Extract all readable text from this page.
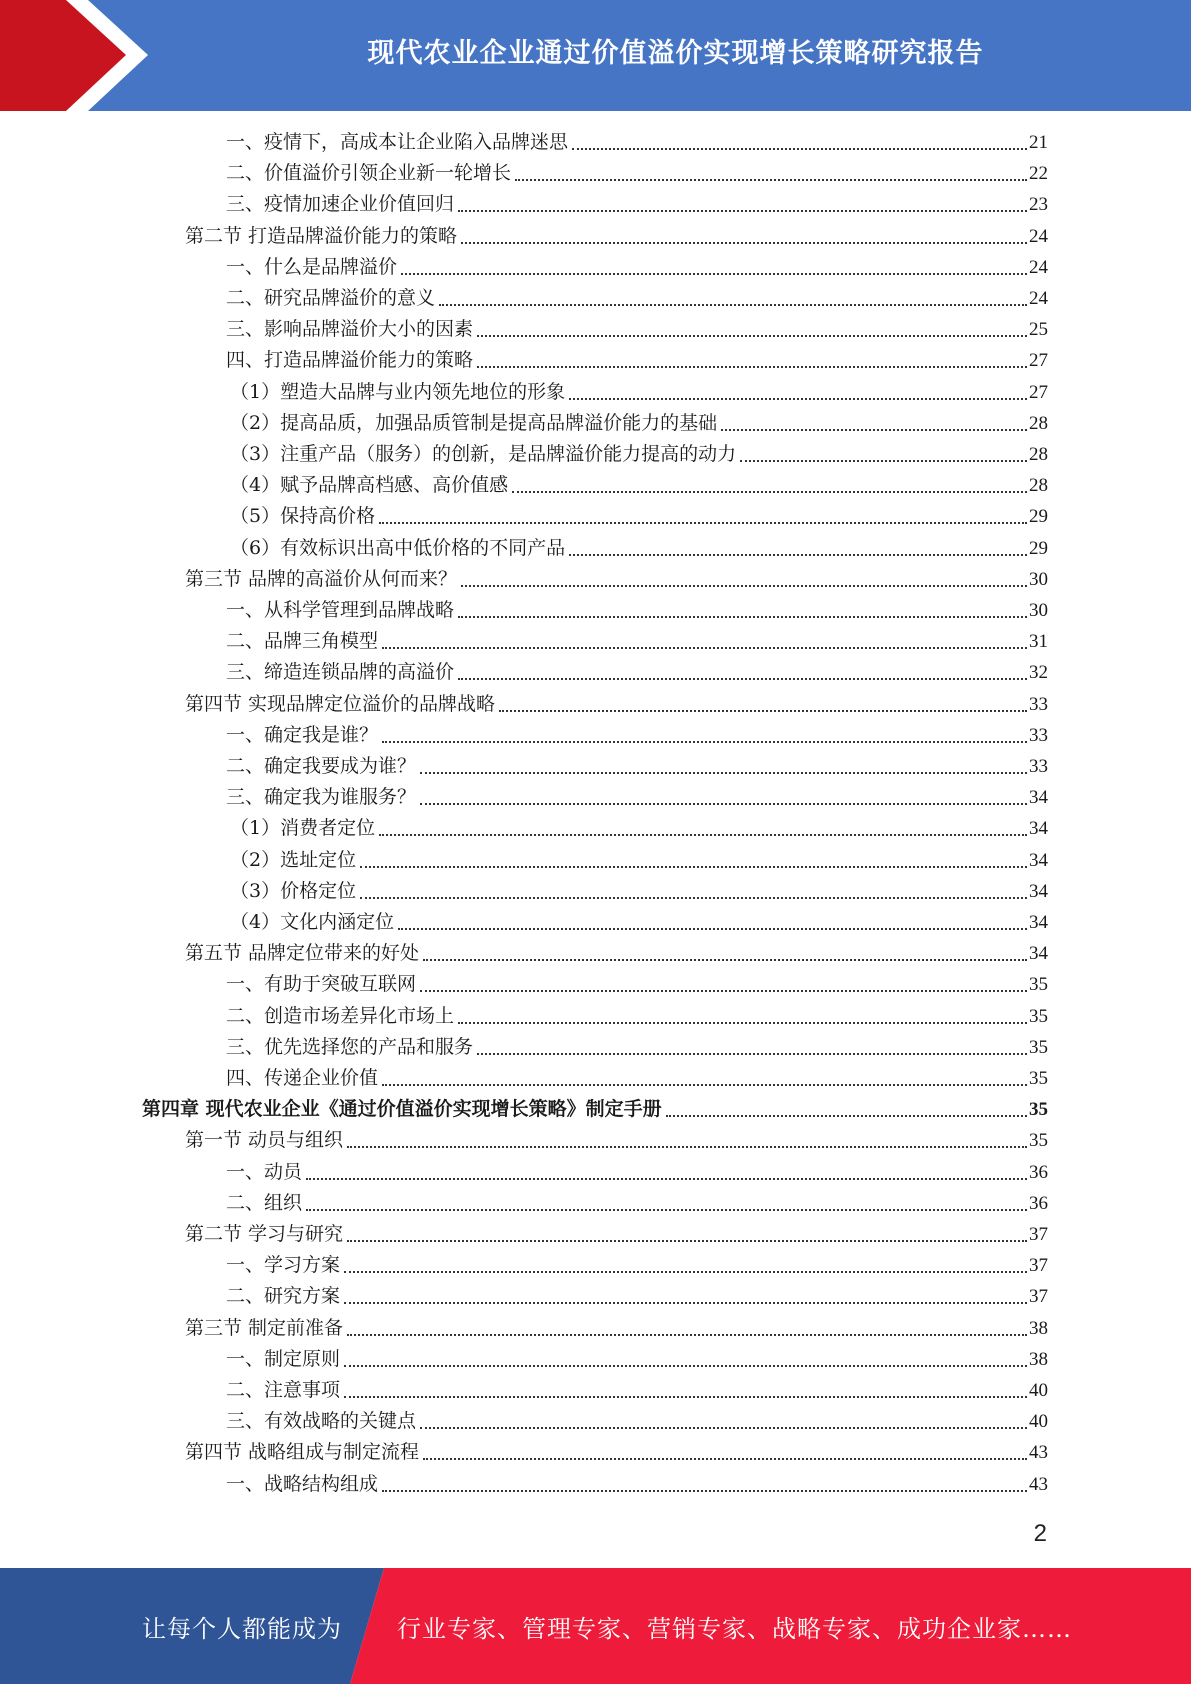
现代农业企业通过价值溢价实现增长策略研究报告
一、疫情下，高成本让企业陷入品牌迷思	21
二、价值溢价引领企业新一轮增长	22
三、疫情加速企业价值回归	23
第二节 打造品牌溢价能力的策略	24
一、什么是品牌溢价	24
二、研究品牌溢价的意义	24
三、影响品牌溢价大小的因素	25
四、打造品牌溢价能力的策略	27
（1）塑造大品牌与业内领先地位的形象	27
（2）提高品质，加强品质管制是提高品牌溢价能力的基础	28
（3）注重产品（服务）的创新，是品牌溢价能力提高的动力	28
（4）赋予品牌高档感、高价值感	28
（5）保持高价格	29
（6）有效标识出高中低价格的不同产品	29
第三节 品牌的高溢价从何而来？	30
一、从科学管理到品牌战略	30
二、品牌三角模型	31
三、缔造连锁品牌的高溢价	32
第四节 实现品牌定位溢价的品牌战略	33
一、确定我是谁？	33
二、确定我要成为谁？	33
三、确定我为谁服务？	34
（1）消费者定位	34
（2）选址定位	34
（3）价格定位	34
（4）文化内涵定位	34
第五节 品牌定位带来的好处	34
一、有助于突破互联网	35
二、创造市场差异化市场上	35
三、优先选择您的产品和服务	35
四、传递企业价值	35
第四章 现代农业企业《通过价值溢价实现增长策略》制定手册	35
第一节 动员与组织	35
一、动员	36
二、组织	36
第二节 学习与研究	37
一、学习方案	37
二、研究方案	37
第三节 制定前准备	38
一、制定原则	38
二、注意事项	40
三、有效战略的关键点	40
第四节 战略组成与制定流程	43
一、战略结构组成	43
2
让每个人都能成为 行业专家、管理专家、营销专家、战略专家、成功企业家……
